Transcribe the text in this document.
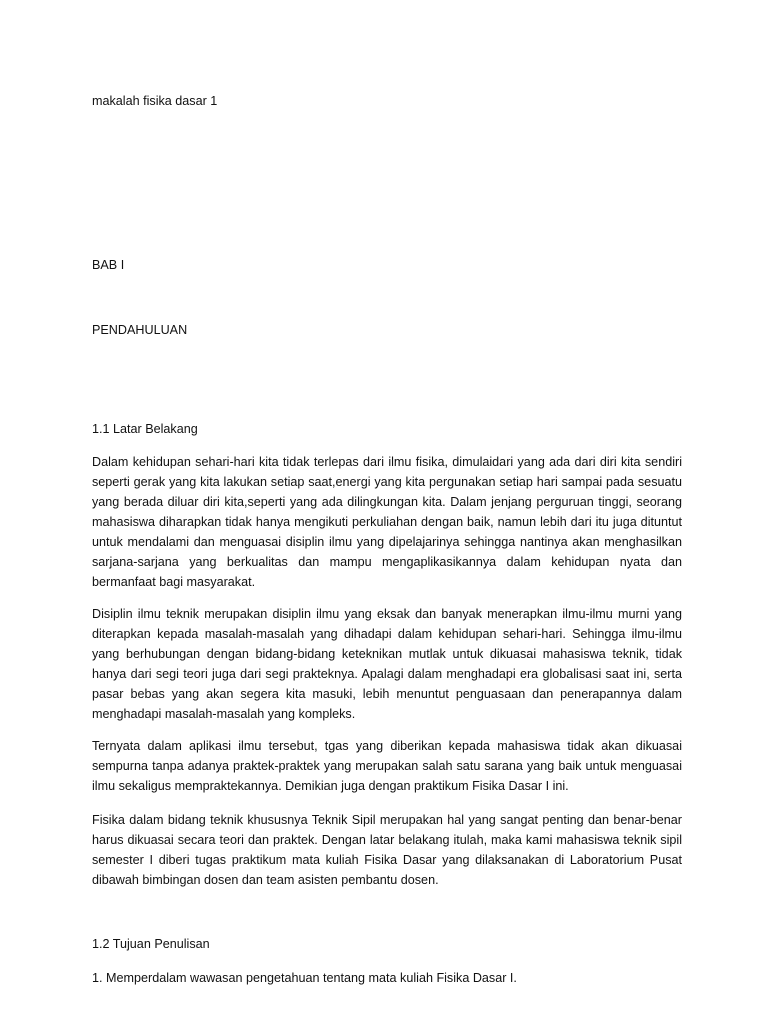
makalah fisika dasar 1
BAB I
PENDAHULUAN
1.1 Latar Belakang
Dalam kehidupan sehari-hari kita tidak terlepas dari ilmu fisika, dimulaidari yang ada dari diri kita sendiri seperti gerak yang kita lakukan setiap saat,energi yang kita pergunakan setiap hari sampai pada sesuatu yang berada diluar diri kita,seperti yang ada dilingkungan kita. Dalam jenjang perguruan tinggi, seorang mahasiswa diharapkan tidak hanya mengikuti perkuliahan dengan baik, namun lebih dari itu juga dituntut untuk mendalami dan menguasai disiplin ilmu yang dipelajarinya sehingga nantinya akan menghasilkan sarjana-sarjana yang berkualitas dan mampu mengaplikasikannya dalam kehidupan nyata dan bermanfaat bagi masyarakat.
Disiplin ilmu teknik merupakan disiplin ilmu yang eksak dan banyak menerapkan ilmu-ilmu murni yang diterapkan kepada masalah-masalah yang dihadapi dalam kehidupan sehari-hari. Sehingga ilmu-ilmu yang berhubungan dengan bidang-bidang keteknikan mutlak untuk dikuasai mahasiswa teknik, tidak hanya dari segi teori juga dari segi prakteknya. Apalagi dalam menghadapi era globalisasi saat ini, serta pasar bebas yang akan segera kita masuki, lebih menuntut penguasaan dan penerapannya dalam menghadapi masalah-masalah yang kompleks.
Ternyata dalam aplikasi ilmu tersebut, tgas yang diberikan kepada mahasiswa tidak akan dikuasai sempurna tanpa adanya praktek-praktek yang merupakan salah satu sarana yang baik untuk menguasai ilmu sekaligus mempraktekannya. Demikian juga dengan praktikum Fisika Dasar I ini.
Fisika dalam bidang teknik khususnya Teknik Sipil merupakan hal yang sangat penting dan benar-benar harus dikuasai secara teori dan praktek. Dengan latar belakang itulah, maka kami mahasiswa teknik sipil semester I diberi tugas praktikum mata kuliah Fisika Dasar yang dilaksanakan di Laboratorium Pusat dibawah bimbingan dosen dan team asisten pembantu dosen.
1.2 Tujuan Penulisan
1. Memperdalam wawasan pengetahuan tentang mata kuliah Fisika Dasar I.
